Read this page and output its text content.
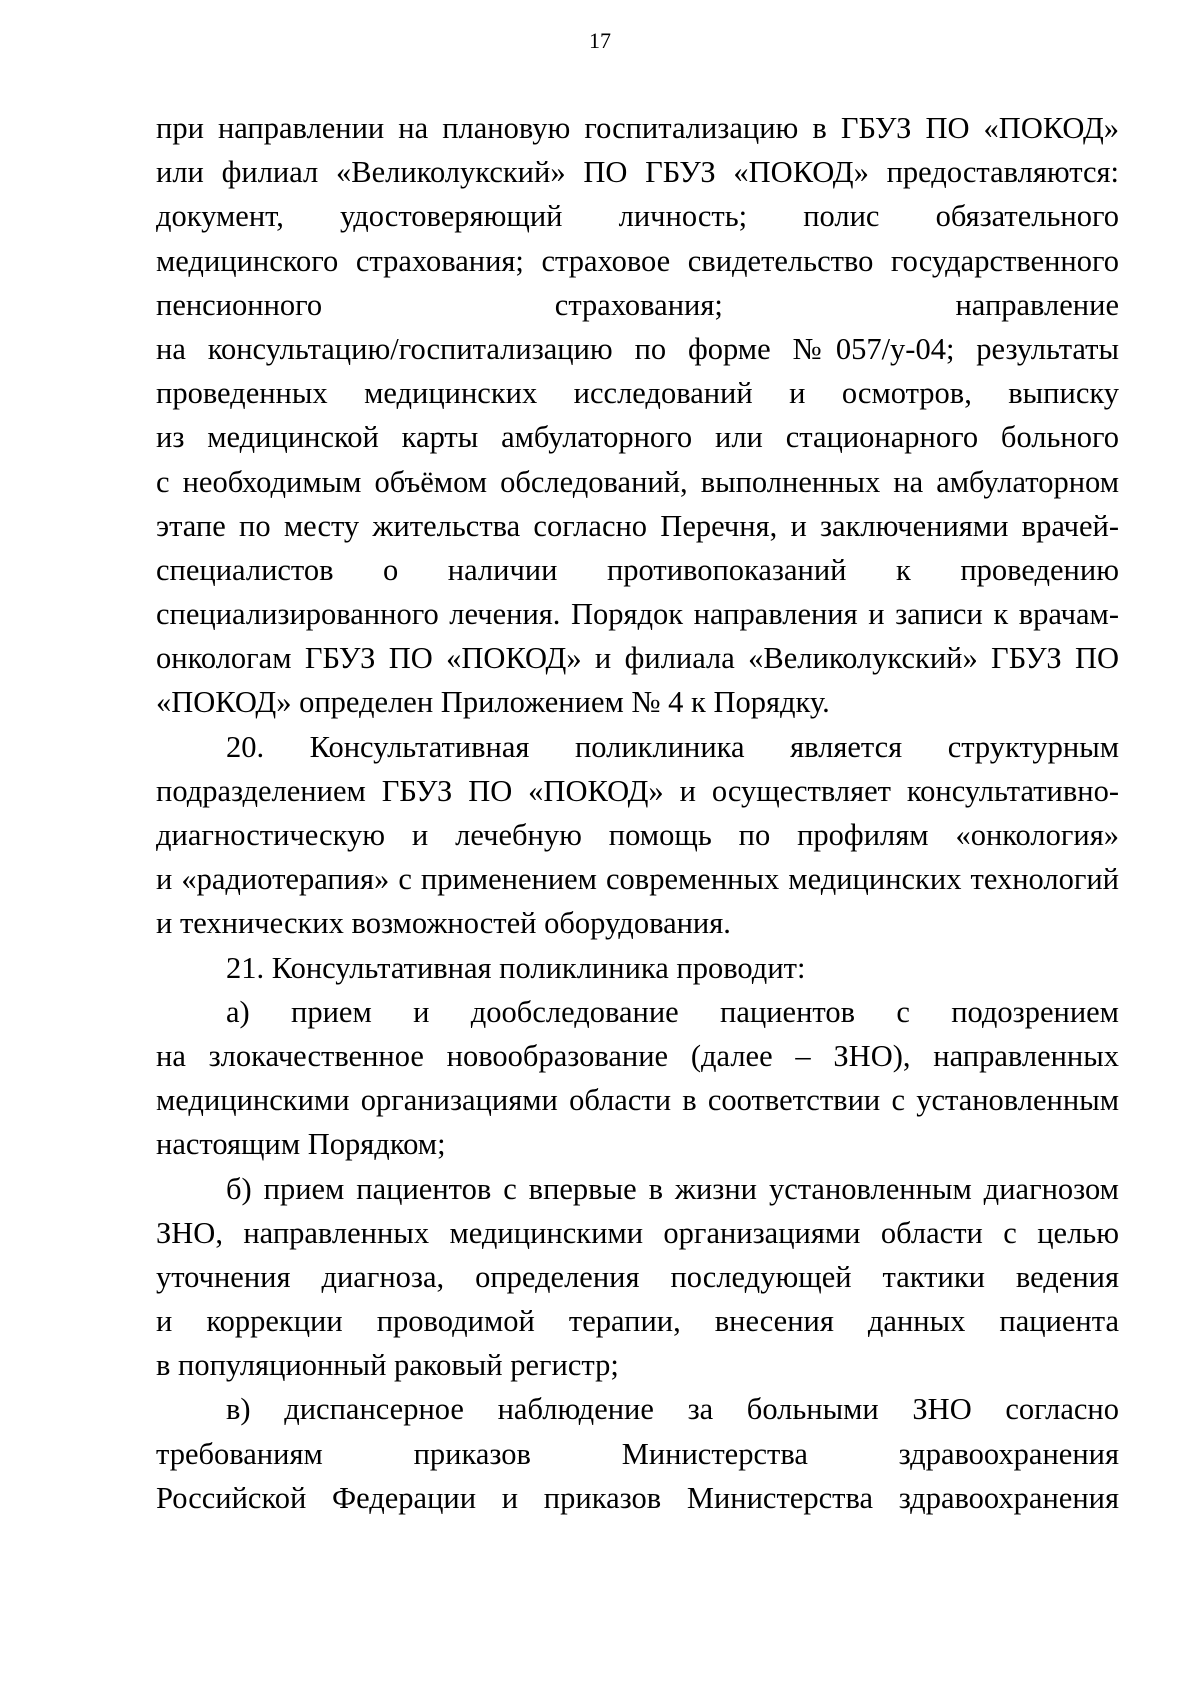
17
при направлении на плановую госпитализацию в ГБУЗ ПО «ПОКОД»
или филиал «Великолукский» ПО ГБУЗ «ПОКОД» предоставляются:
документ, удостоверяющий личность; полис обязательного
медицинского страхования; страховое свидетельство государственного
пенсионного страхования; направление
на консультацию/госпитализацию по форме №057/у-04; результаты
проведенных медицинских исследований и осмотров, выписку
из медицинской карты амбулаторного или стационарного больного
с необходимым объёмом обследований, выполненных на амбулаторном
этапе по месту жительства согласно Перечня, и заключениями врачей-
специалистов о наличии противопоказаний к проведению
специализированного лечения. Порядок направления и записи к врачам-
онкологам ГБУЗ ПО «ПОКОД» и филиала «Великолукский» ГБУЗ ПО
«ПОКОД» определен Приложением № 4 к Порядку.
20. Консультативная поликлиника является структурным
подразделением ГБУЗ ПО «ПОКОД» и осуществляет консультативно-
диагностическую и лечебную помощь по профилям «онкология»
и «радиотерапия» с применением современных медицинских технологий
и технических возможностей оборудования.
21. Консультативная поликлиника проводит:
а) прием и дообследование пациентов с подозрением
на злокачественное новообразование (далее – ЗНО), направленных
медицинскими организациями области в соответствии с установленным
настоящим Порядком;
б) прием пациентов с впервые в жизни установленным диагнозом
ЗНО, направленных медицинскими организациями области с целью
уточнения диагноза, определения последующей тактики ведения
и коррекции проводимой терапии, внесения данных пациента
в популяционный раковый регистр;
в) диспансерное наблюдение за больными ЗНО согласно
требованиям приказов Министерства здравоохранения
Российской Федерации и приказов Министерства здравоохранения
